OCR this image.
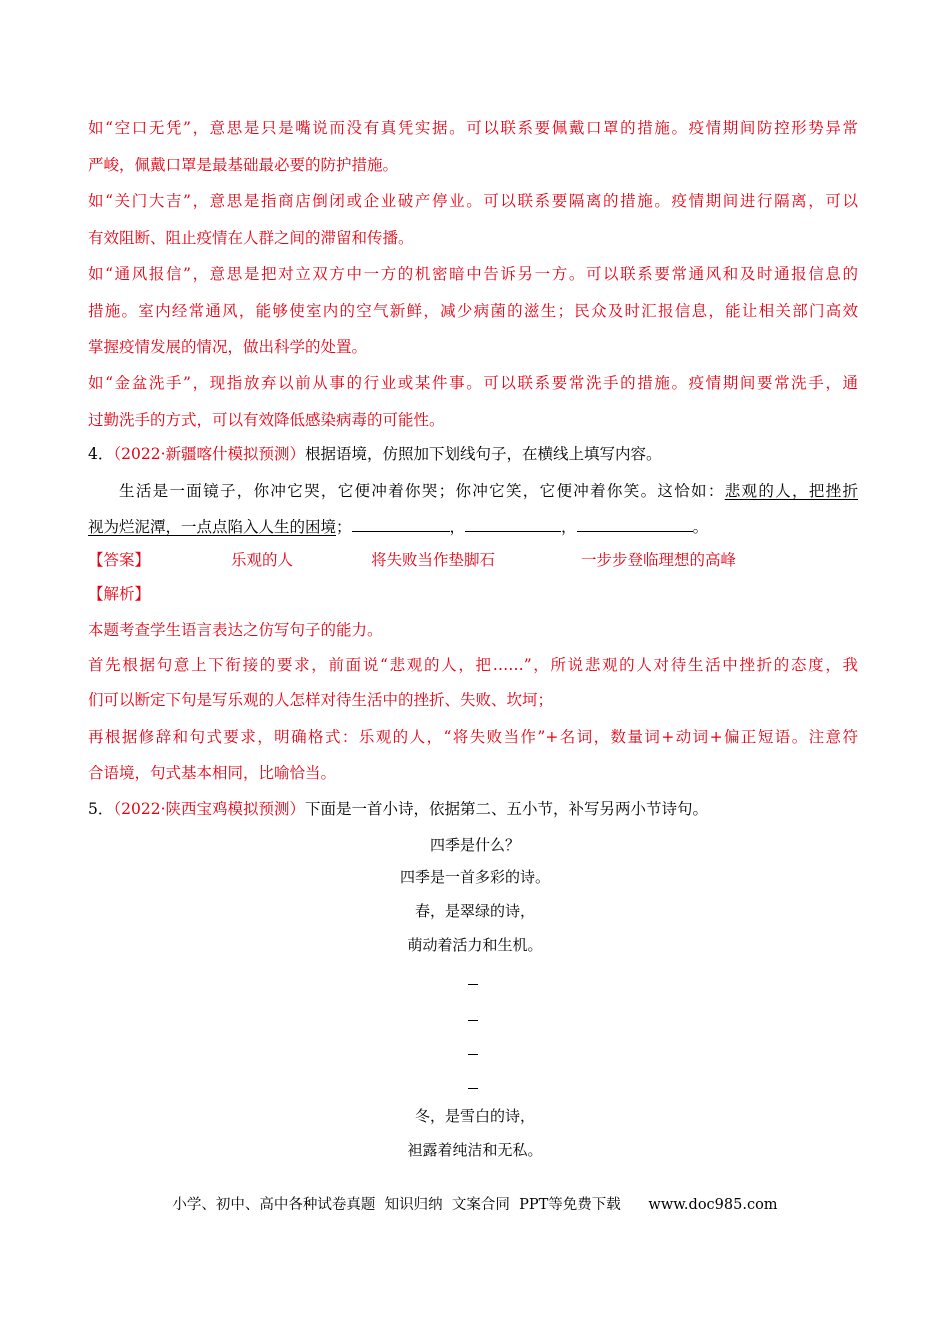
如“空口无凭”，意思是只是嘴说而没有真凭实据。可以联系要佩戴口罩的措施。疫情期间防控形势异常
严峻，佩戴口罩是最基础最必要的防护措施。
如“关门大吉”，意思是指商店倒闭或企业破产停业。可以联系要隔离的措施。疫情期间进行隔离，可以
有效阻断、阻止疫情在人群之间的滞留和传播。
如“通风报信”，意思是把对立双方中一方的机密暗中告诉另一方。可以联系要常通风和及时通报信息的
措施。室内经常通风，能够使室内的空气新鲜，减少病菌的滋生；民众及时汇报信息，能让相关部门高效
掌握疫情发展的情况，做出科学的处置。
如“金盆洗手”，现指放弃以前从事的行业或某件事。可以联系要常洗手的措施。疫情期间要常洗手，通
过勤洗手的方式，可以有效降低感染病毒的可能性。
4．（2022·新疆喀什模拟预测）根据语境，仿照加下划线句子，在横线上填写内容。
生活是一面镜子，你冲它哭，它便冲着你哭；你冲它笑，它便冲着你笑。这恰如：悲观的人，把挫折
视为烂泥潭，一点点陷入人生的困境；	，	，	。
【答案】	乐观的人	将失败当作垫脚石	一步步登临理想的高峰
【解析】
本题考查学生语言表达之仿写句子的能力。
首先根据句意上下衔接的要求，前面说“悲观的人，把……”，所说悲观的人对待生活中挫折的态度，我
们可以断定下句是写乐观的人怎样对待生活中的挫折、失败、坎坷；
再根据修辞和句式要求，明确格式：乐观的人，“将失败当作”+名词，数量词+动词+偏正短语。注意符
合语境，句式基本相同，比喻恰当。
5．（2022·陕西宝鸡模拟预测）下面是一首小诗，依据第二、五小节，补写另两小节诗句。
四季是什么？
四季是一首多彩的诗。
春，是翠绿的诗，
萌动着活力和生机。
冬，是雪白的诗，
袒露着纯洁和无私。
小学、初中、高中各种试卷真题  知识归纳  文案合同  PPT等免费下载      www.doc985.com
